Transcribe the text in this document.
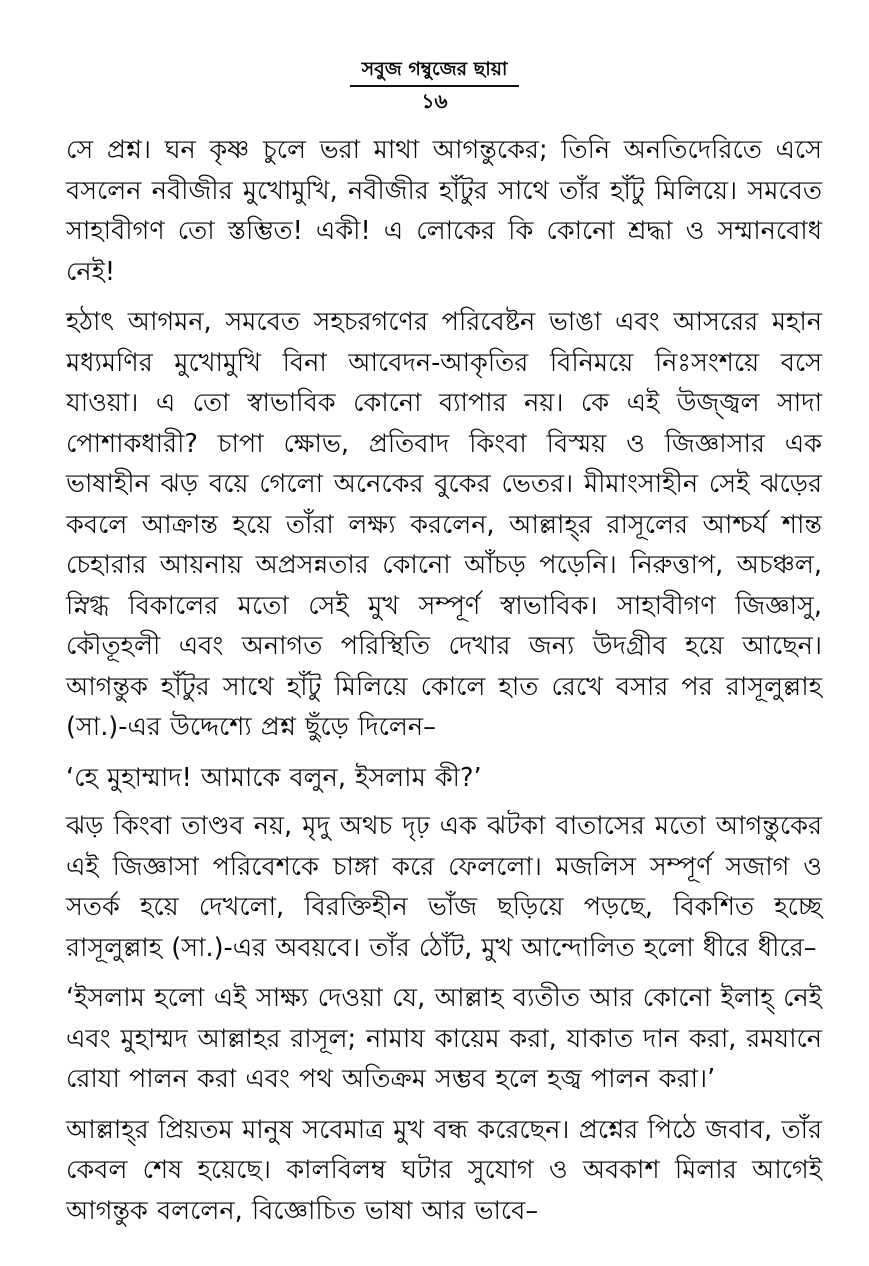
সবুজ গম্বুজের ছায়া
১৬

সে প্রশ্ন। ঘন কৃষ্ণ চুলে ভরা মাথা আগন্তুকের; তিনি অনতিদেরিতে এসে বসলেন নবীজীর মুখোমুখি, নবীজীর হাঁটুর সাথে তাঁর হাঁটু মিলিয়ে। সমবেত সাহাবীগণ তো স্তম্ভিত! একী! এ লোকের কি কোনো শ্রদ্ধা ও সম্মানবোধ নেই!

হঠাৎ আগমন, সমবেত সহচরগণের পরিবেষ্টন ভাঙা এবং আসরের মহান মধ্যমণির মুখোমুখি বিনা আবেদন-আকৃতির বিনিময়ে নিঃসংশয়ে বসে যাওয়া। এ তো স্বাভাবিক কোনো ব্যাপার নয়। কে এই উজ্জ্বল সাদা পোশাকধারী? চাপা ক্ষোভ, প্রতিবাদ কিংবা বিস্ময় ও জিজ্ঞাসার এক ভাষাহীন ঝড় বয়ে গেলো অনেকের বুকের ভেতর। মীমাংসাহীন সেই ঝড়ের কবলে আক্রান্ত হয়ে তাঁরা লক্ষ্য করলেন, আল্লাহ্‌র রাসূলের আশ্চর্য শান্ত চেহারার আয়নায় অপ্রসন্নতার কোনো আঁচড় পড়েনি। নিরুত্তাপ, অচঞ্চল, স্নিগ্ধ বিকালের মতো সেই মুখ সম্পূর্ণ স্বাভাবিক। সাহাবীগণ জিজ্ঞাসু, কৌতূহলী এবং অনাগত পরিস্থিতি দেখার জন্য উদগ্রীব হয়ে আছেন। আগন্তুক হাঁটুর সাথে হাঁটু মিলিয়ে কোলে হাত রেখে বসার পর রাসূলুল্লাহ (সা.)-এর উদ্দেশ্যে প্রশ্ন ছুঁড়ে দিলেন–

‘হে মুহাম্মাদ! আমাকে বলুন, ইসলাম কী?’

ঝড় কিংবা তাণ্ডব নয়, মৃদু অথচ দৃঢ় এক ঝটকা বাতাসের মতো আগন্তুকের এই জিজ্ঞাসা পরিবেশকে চাঙ্গা করে ফেললো। মজলিস সম্পূর্ণ সজাগ ও সতর্ক হয়ে দেখলো, বিরক্তিহীন ভাঁজ ছড়িয়ে পড়ছে, বিকশিত হচ্ছে রাসূলুল্লাহ (সা.)-এর অবয়বে। তাঁর ঠোঁট, মুখ আন্দোলিত হলো ধীরে ধীরে–

‘ইসলাম হলো এই সাক্ষ্য দেওয়া যে, আল্লাহ ব্যতীত আর কোনো ইলাহ্‌ নেই এবং মুহাম্মদ আল্লাহর রাসূল; নামায কায়েম করা, যাকাত দান করা, রমযানে রোযা পালন করা এবং পথ অতিক্রম সম্ভব হলে হজ্ব পালন করা।’

আল্লাহ্‌র প্রিয়তম মানুষ সবেমাত্র মুখ বন্ধ করেছেন। প্রশ্নের পিঠে জবাব, তাঁর কেবল শেষ হয়েছে। কালবিলম্ব ঘটার সুযোগ ও অবকাশ মিলার আগেই আগন্তুক বললেন, বিজ্ঞোচিত ভাষা আর ভাবে–
